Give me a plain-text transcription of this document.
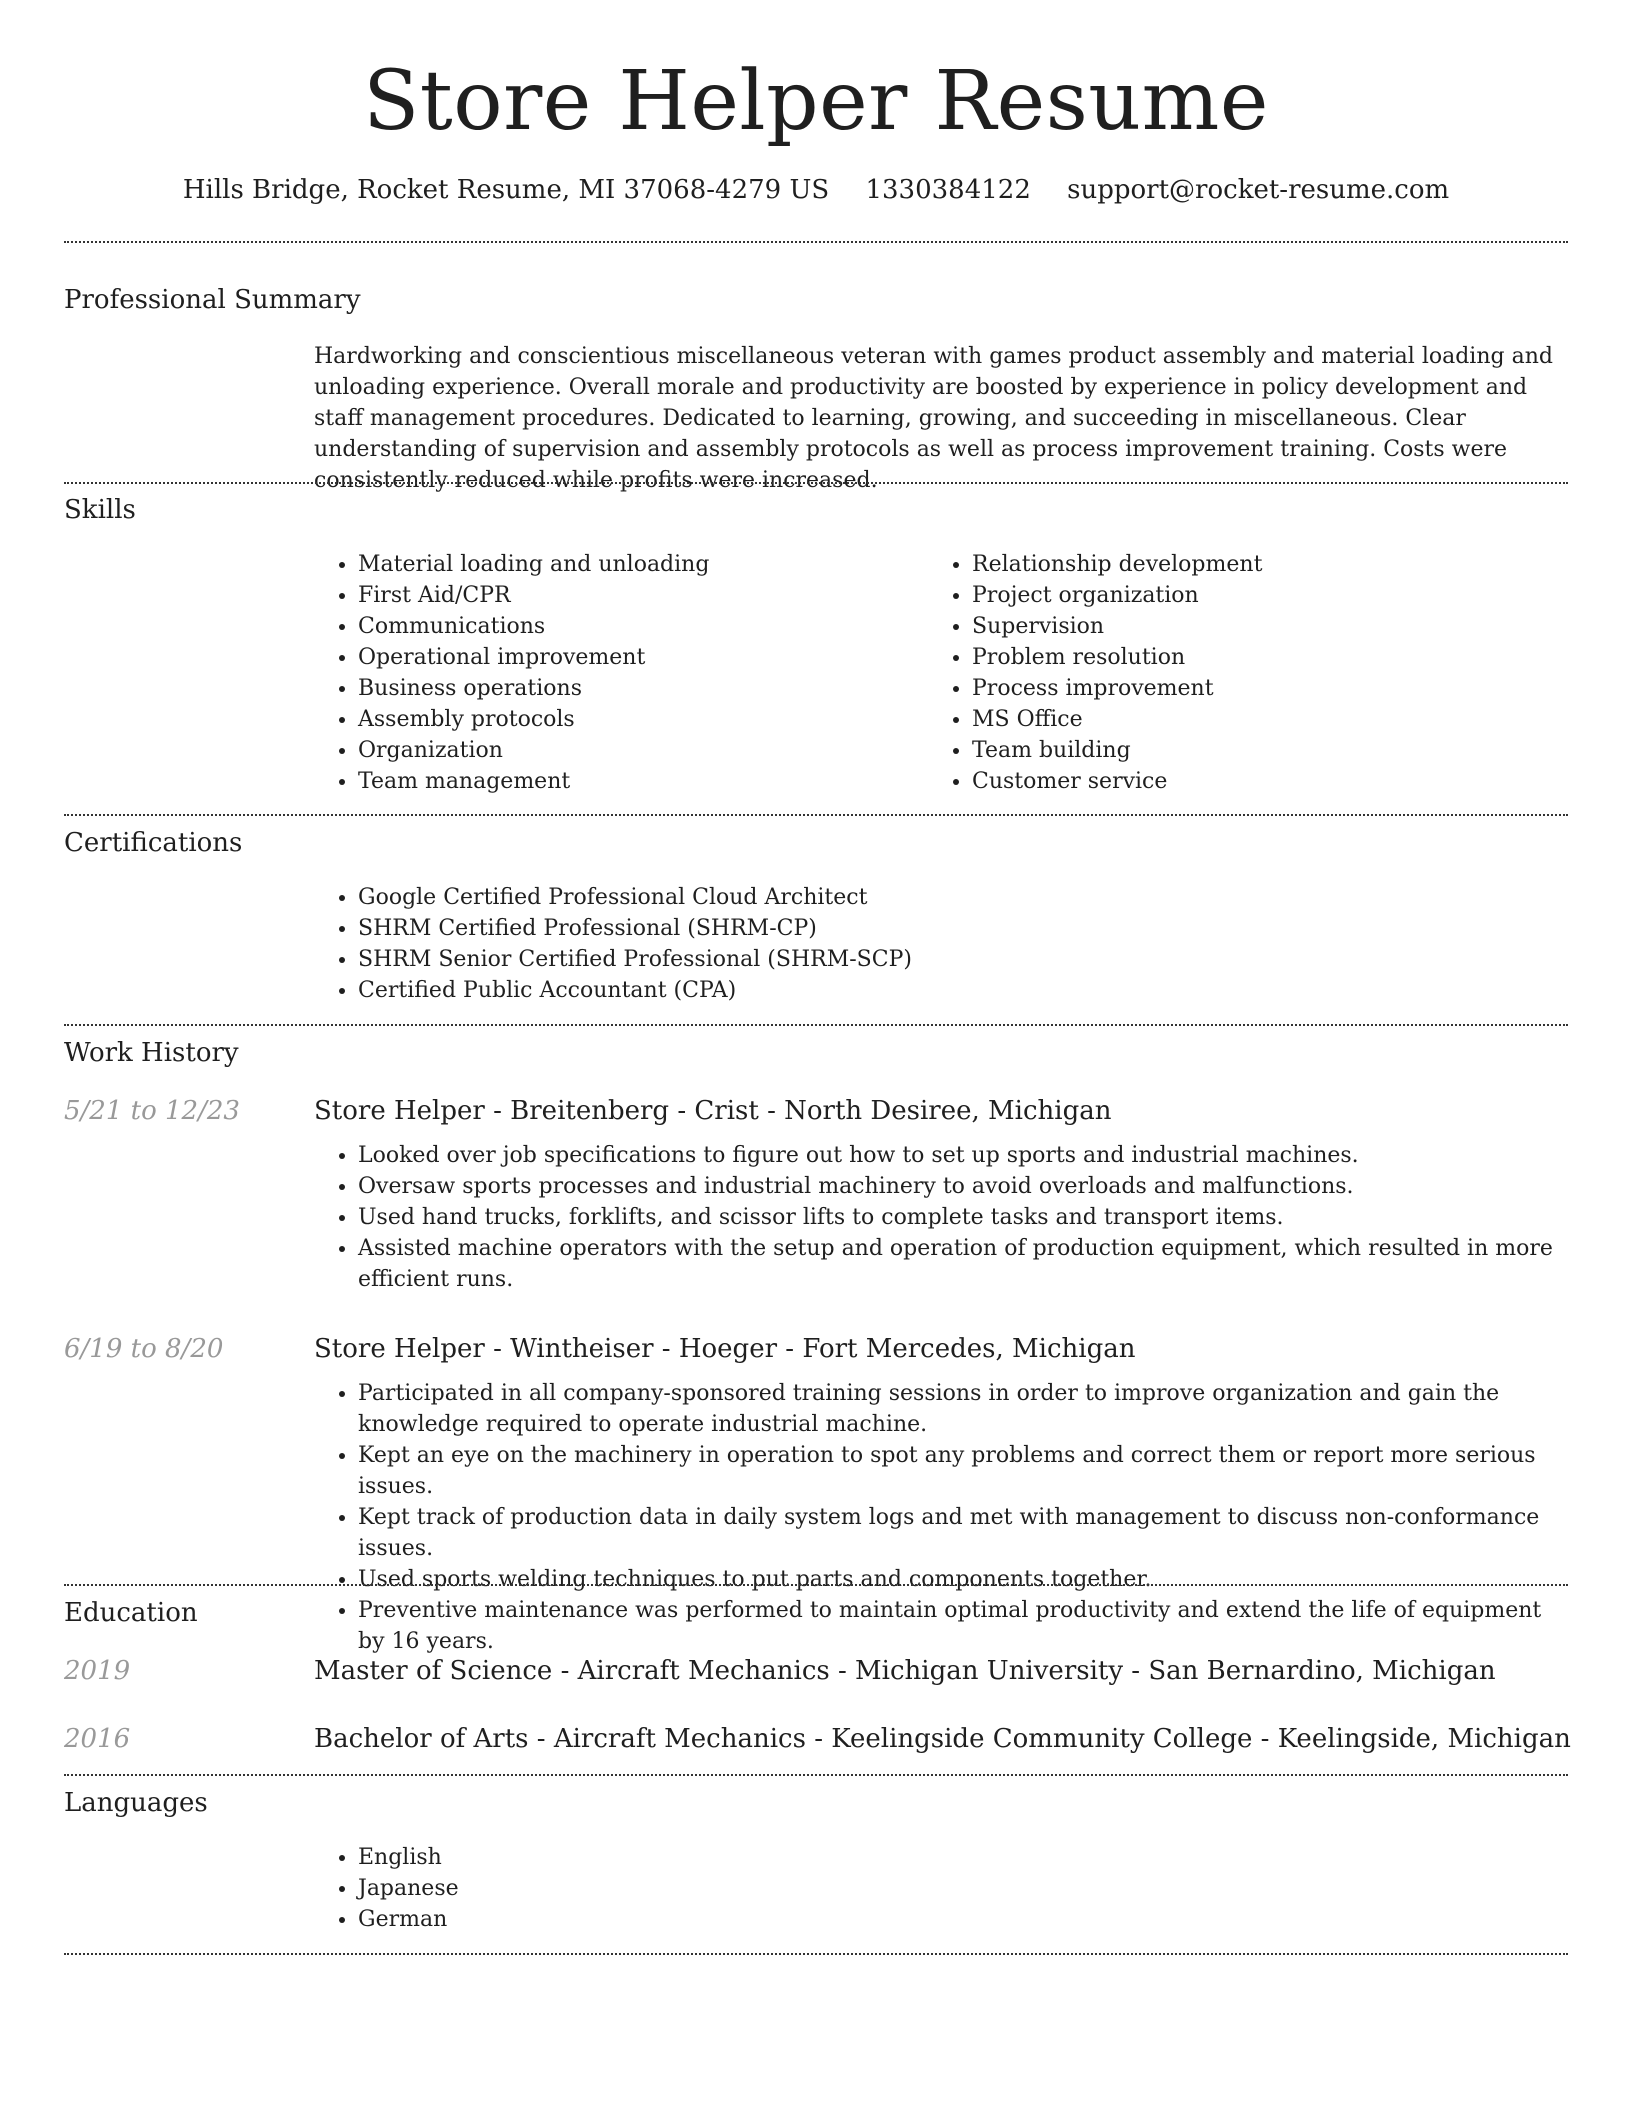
Store Helper Resume
Hills Bridge, Rocket Resume, MI 37068-4279 US 1330384122 support@rocket-resume.com
Professional Summary

Hardworking and conscientious miscellaneous veteran with games product assembly and material loading and unloading experience. Overall morale and productivity are boosted by experience in policy development and staff management procedures. Dedicated to learning, growing, and succeeding in miscellaneous. Clear understanding of supervision and assembly protocols as well as process improvement training. Costs were consistently reduced while profits were increased.

Skills
• Material loading and unloading
• First Aid/CPR
• Communications
• Operational improvement
• Business operations
• Assembly protocols
• Organization
• Team management
• Relationship development
• Project organization
• Supervision
• Problem resolution
• Process improvement
• MS Office
• Team building
• Customer service
Certifications
• Google Certified Professional Cloud Architect
• SHRM Certified Professional (SHRM-CP)
• SHRM Senior Certified Professional (SHRM-SCP)
• Certified Public Accountant (CPA)
Work History
5/21 to 12/23	Store Helper - Breitenberg - Crist - North Desiree, Michigan
• Looked over job specifications to figure out how to set up sports and industrial machines.
• Oversaw sports processes and industrial machinery to avoid overloads and malfunctions.
• Used hand trucks, forklifts, and scissor lifts to complete tasks and transport items.
• Assisted machine operators with the setup and operation of production equipment, which resulted in more efficient runs.
6/19 to 8/20	Store Helper - Wintheiser - Hoeger - Fort Mercedes, Michigan
• Participated in all company-sponsored training sessions in order to improve organization and gain the knowledge required to operate industrial machine.
• Kept an eye on the machinery in operation to spot any problems and correct them or report more serious issues.
• Kept track of production data in daily system logs and met with management to discuss non-conformance issues.
• Used sports welding techniques to put parts and components together.
• Preventive maintenance was performed to maintain optimal productivity and extend the life of equipment by 16 years.
Education
2019	Master of Science - Aircraft Mechanics - Michigan University - San Bernardino, Michigan
2016	Bachelor of Arts - Aircraft Mechanics - Keelingside Community College - Keelingside, Michigan
Languages
• English
• Japanese
• German
